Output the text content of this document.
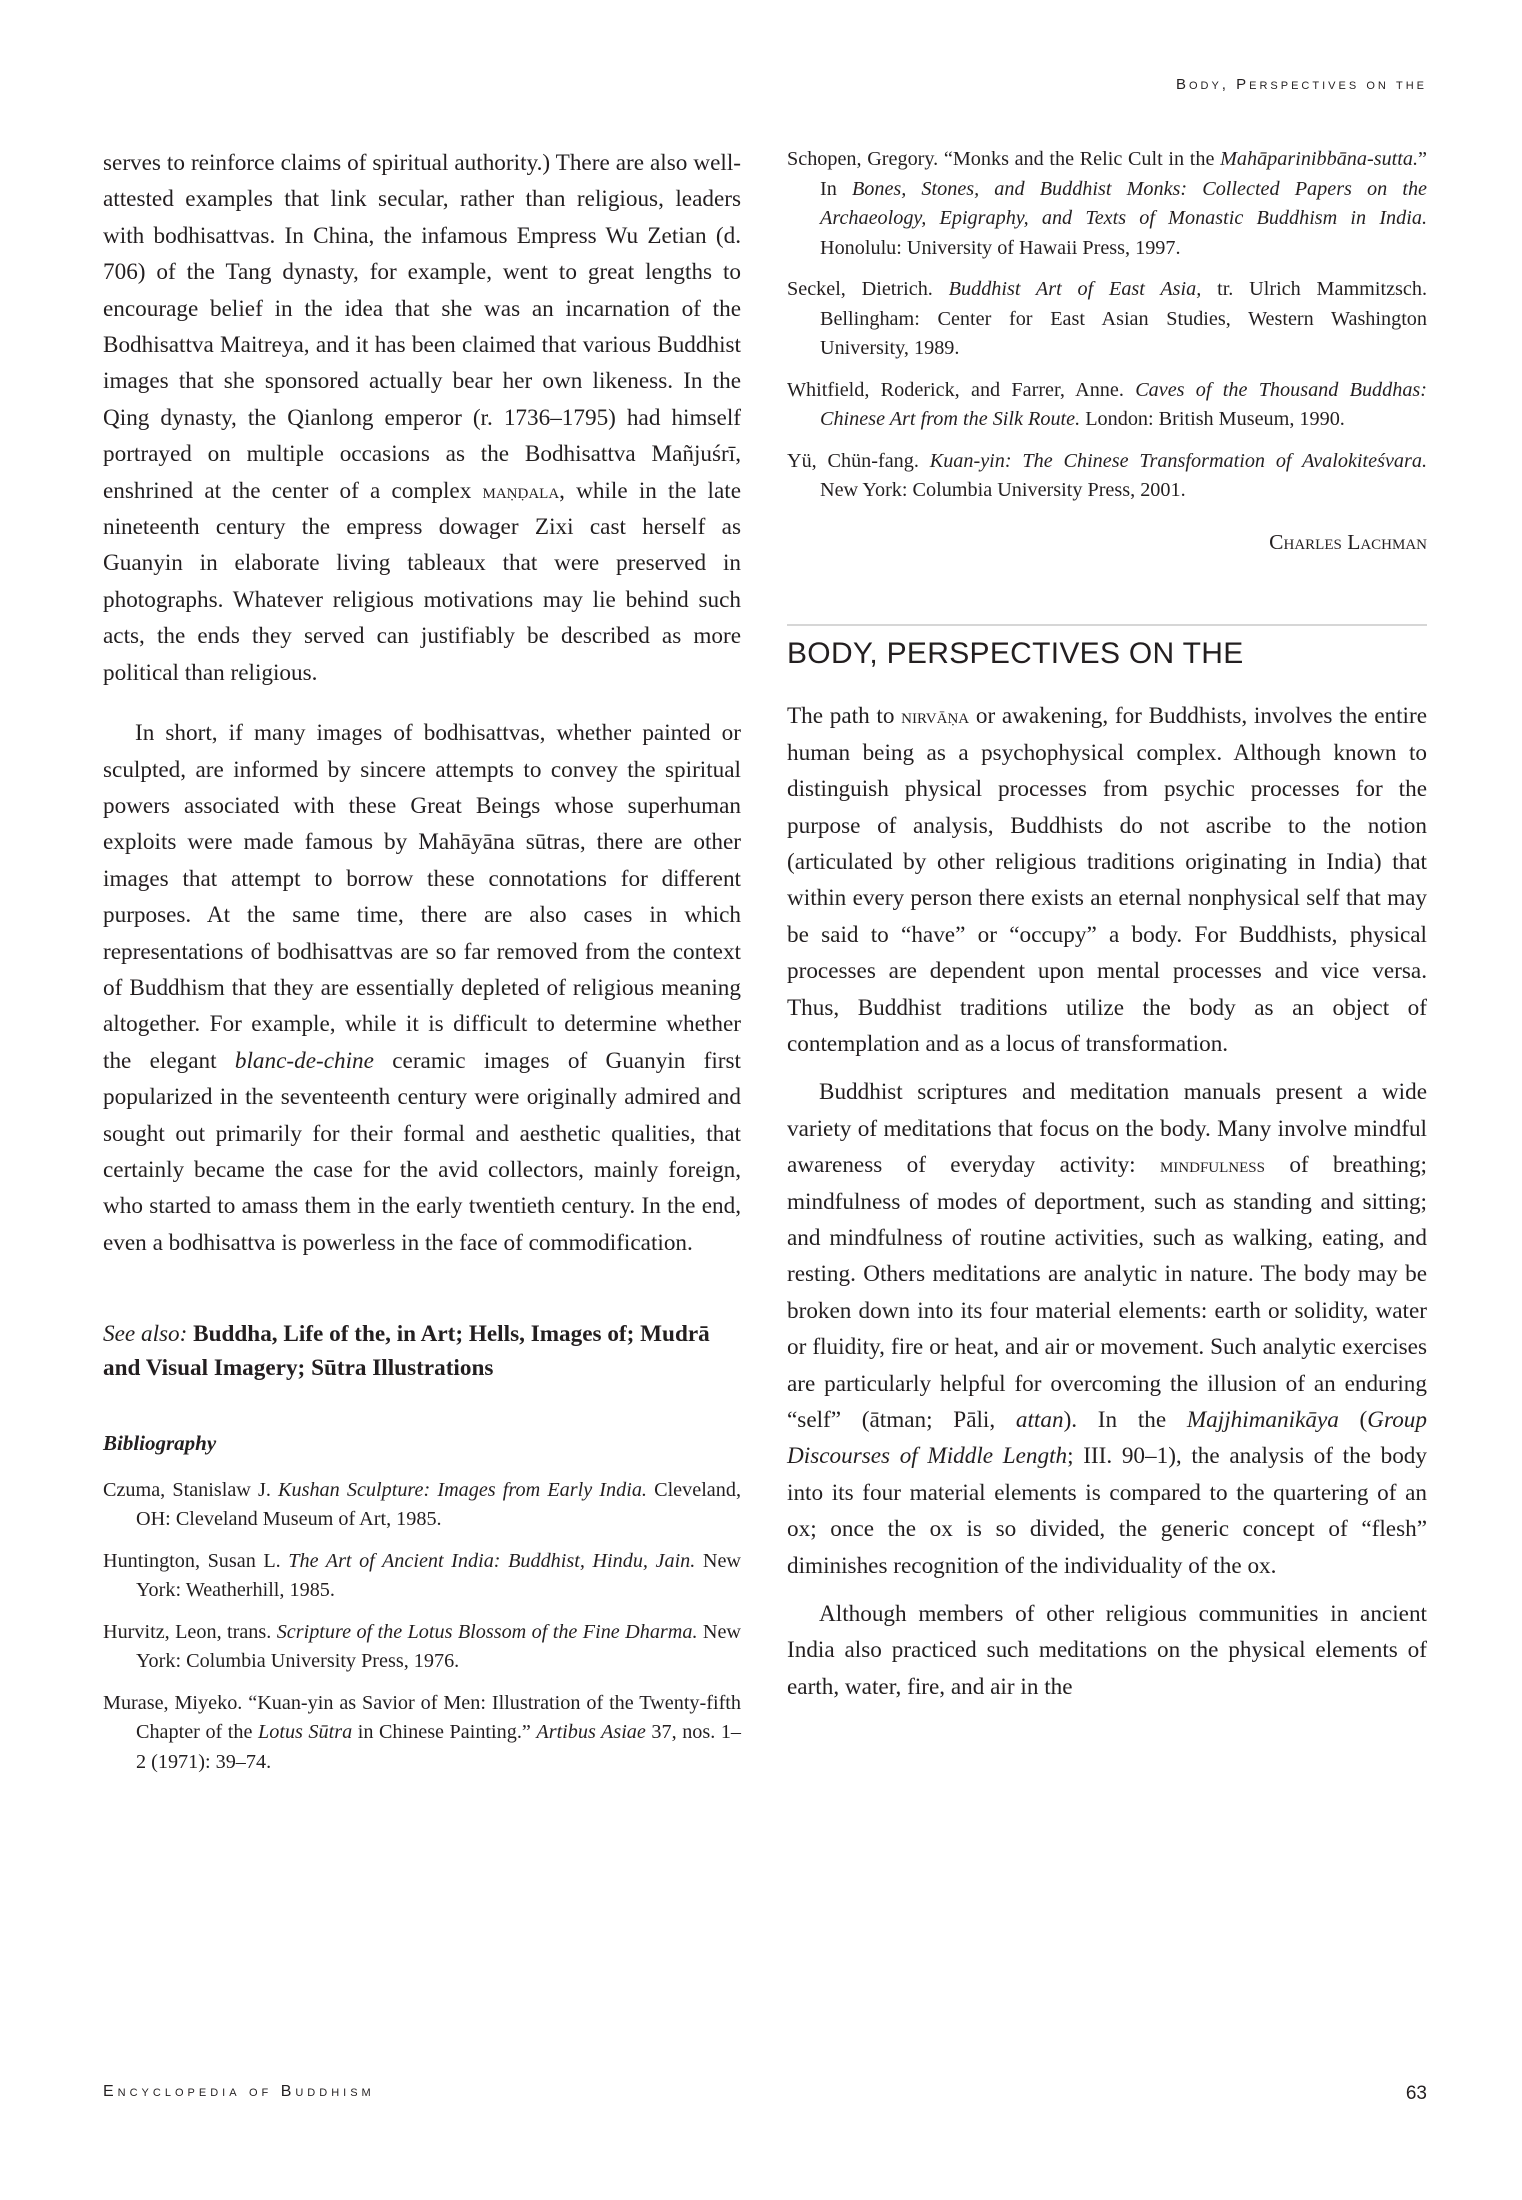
Body, Perspectives on the

serves to reinforce claims of spiritual authority.) There are also well-attested examples that link secular, rather than religious, leaders with bodhisattvas. In China, the infamous Empress Wu Zetian (d. 706) of the Tang dynasty, for example, went to great lengths to encourage belief in the idea that she was an incarnation of the Bodhisattva Maitreya, and it has been claimed that various Buddhist images that she sponsored actually bear her own likeness. In the Qing dynasty, the Qianlong emperor (r. 1736–1795) had himself portrayed on multiple occasions as the Bodhisattva Mañjuśrī, enshrined at the center of a complex maṇḍala, while in the late nineteenth century the empress dowager Zixi cast herself as Guanyin in elaborate living tableaux that were preserved in photographs. Whatever religious motivations may lie behind such acts, the ends they served can justifiably be described as more political than religious.

In short, if many images of bodhisattvas, whether painted or sculpted, are informed by sincere attempts to convey the spiritual powers associated with these Great Beings whose superhuman exploits were made famous by Mahāyāna sūtras, there are other images that attempt to borrow these connotations for different purposes. At the same time, there are also cases in which representations of bodhisattvas are so far removed from the context of Buddhism that they are essentially depleted of religious meaning altogether. For example, while it is difficult to determine whether the elegant blanc-de-chine ceramic images of Guanyin first popularized in the seventeenth century were originally admired and sought out primarily for their formal and aesthetic qualities, that certainly became the case for the avid collectors, mainly foreign, who started to amass them in the early twentieth century. In the end, even a bodhisattva is powerless in the face of commodification.

See also: Buddha, Life of the, in Art; Hells, Images of; Mudrā and Visual Imagery; Sūtra Illustrations

Bibliography
Czuma, Stanislaw J. Kushan Sculpture: Images from Early India. Cleveland, OH: Cleveland Museum of Art, 1985.
Huntington, Susan L. The Art of Ancient India: Buddhist, Hindu, Jain. New York: Weatherhill, 1985.
Hurvitz, Leon, trans. Scripture of the Lotus Blossom of the Fine Dharma. New York: Columbia University Press, 1976.
Murase, Miyeko. “Kuan-yin as Savior of Men: Illustration of the Twenty-fifth Chapter of the Lotus Sūtra in Chinese Painting.” Artibus Asiae 37, nos. 1–2 (1971): 39–74.
Schopen, Gregory. “Monks and the Relic Cult in the Mahāparinibbāna-sutta.” In Bones, Stones, and Buddhist Monks: Collected Papers on the Archaeology, Epigraphy, and Texts of Monastic Buddhism in India. Honolulu: University of Hawaii Press, 1997.
Seckel, Dietrich. Buddhist Art of East Asia, tr. Ulrich Mammitzsch. Bellingham: Center for East Asian Studies, Western Washington University, 1989.
Whitfield, Roderick, and Farrer, Anne. Caves of the Thousand Buddhas: Chinese Art from the Silk Route. London: British Museum, 1990.
Yü, Chün-fang. Kuan-yin: The Chinese Transformation of Avalokiteśvara. New York: Columbia University Press, 2001.
Charles Lachman
BODY, PERSPECTIVES ON THE

The path to nirvāṇa or awakening, for Buddhists, involves the entire human being as a psychophysical complex. Although known to distinguish physical processes from psychic processes for the purpose of analysis, Buddhists do not ascribe to the notion (articulated by other religious traditions originating in India) that within every person there exists an eternal nonphysical self that may be said to “have” or “occupy” a body. For Buddhists, physical processes are dependent upon mental processes and vice versa. Thus, Buddhist traditions utilize the body as an object of contemplation and as a locus of transformation.

Buddhist scriptures and meditation manuals present a wide variety of meditations that focus on the body. Many involve mindful awareness of everyday activity: mindfulness of breathing; mindfulness of modes of deportment, such as standing and sitting; and mindfulness of routine activities, such as walking, eating, and resting. Others meditations are analytic in nature. The body may be broken down into its four material elements: earth or solidity, water or fluidity, fire or heat, and air or movement. Such analytic exercises are particularly helpful for overcoming the illusion of an enduring “self” (ātman; Pāli, attan). In the Majjhimanikāya (Group Discourses of Middle Length; III. 90–1), the analysis of the body into its four material elements is compared to the quartering of an ox; once the ox is so divided, the generic concept of “flesh” diminishes recognition of the individuality of the ox.

Although members of other religious communities in ancient India also practiced such meditations on the physical elements of earth, water, fire, and air in the

Encyclopedia of Buddhism	63
